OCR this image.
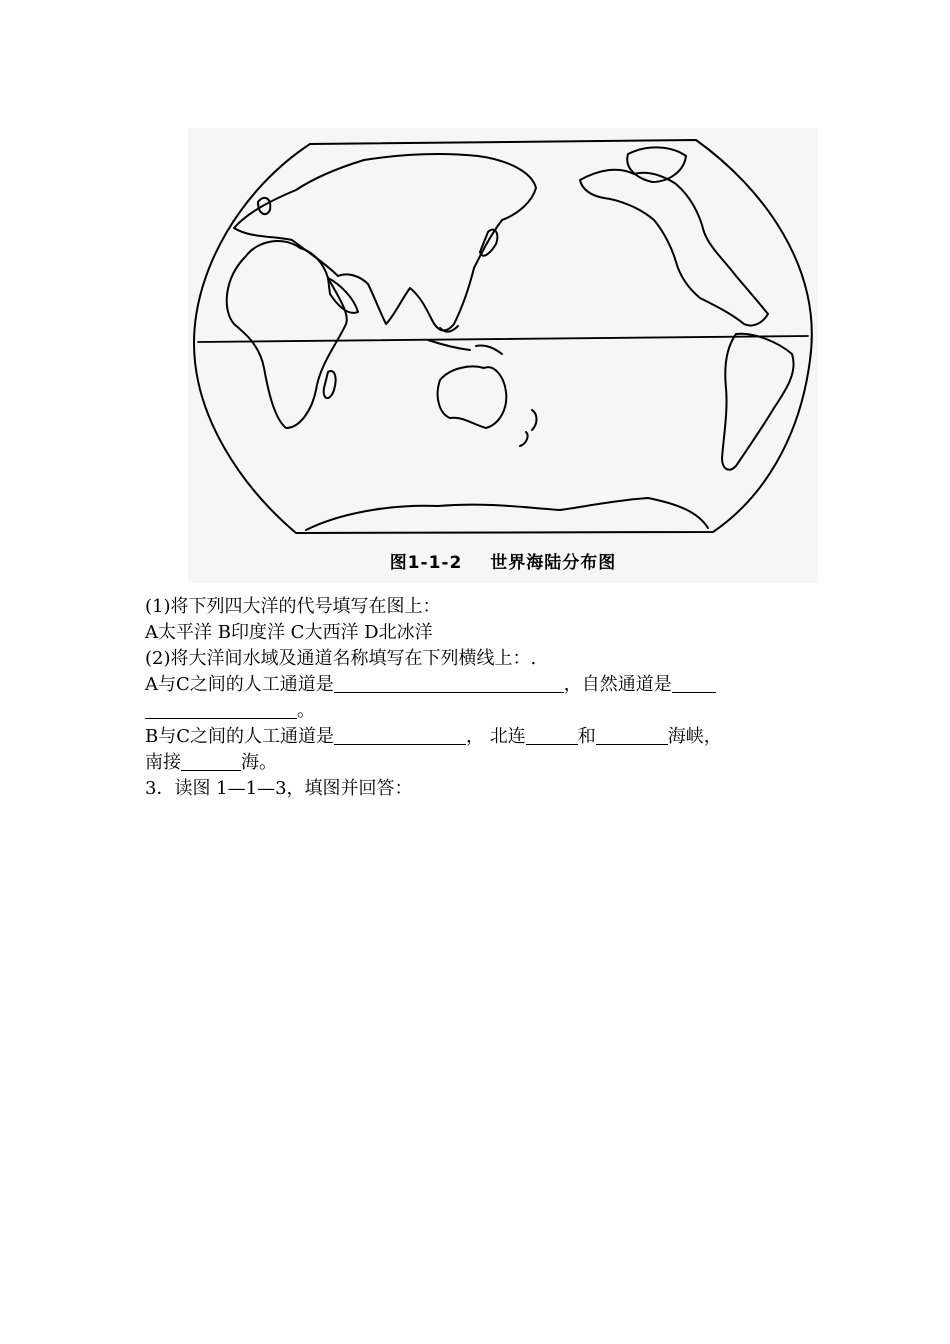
图1-1-2 世界海陆分布图
(1)将下列四大洋的代号填写在图上：
A太平洋 B印度洋 C大西洋 D北冰洋
(2)将大洋间水域及通道名称填写在下列横线上：.
A与C之间的人工通道是	，自然通道是
。
B与C之间的人工通道是	， 北连	和	海峡，
南接	海。
3．读图 1—1—3，填图并回答：
